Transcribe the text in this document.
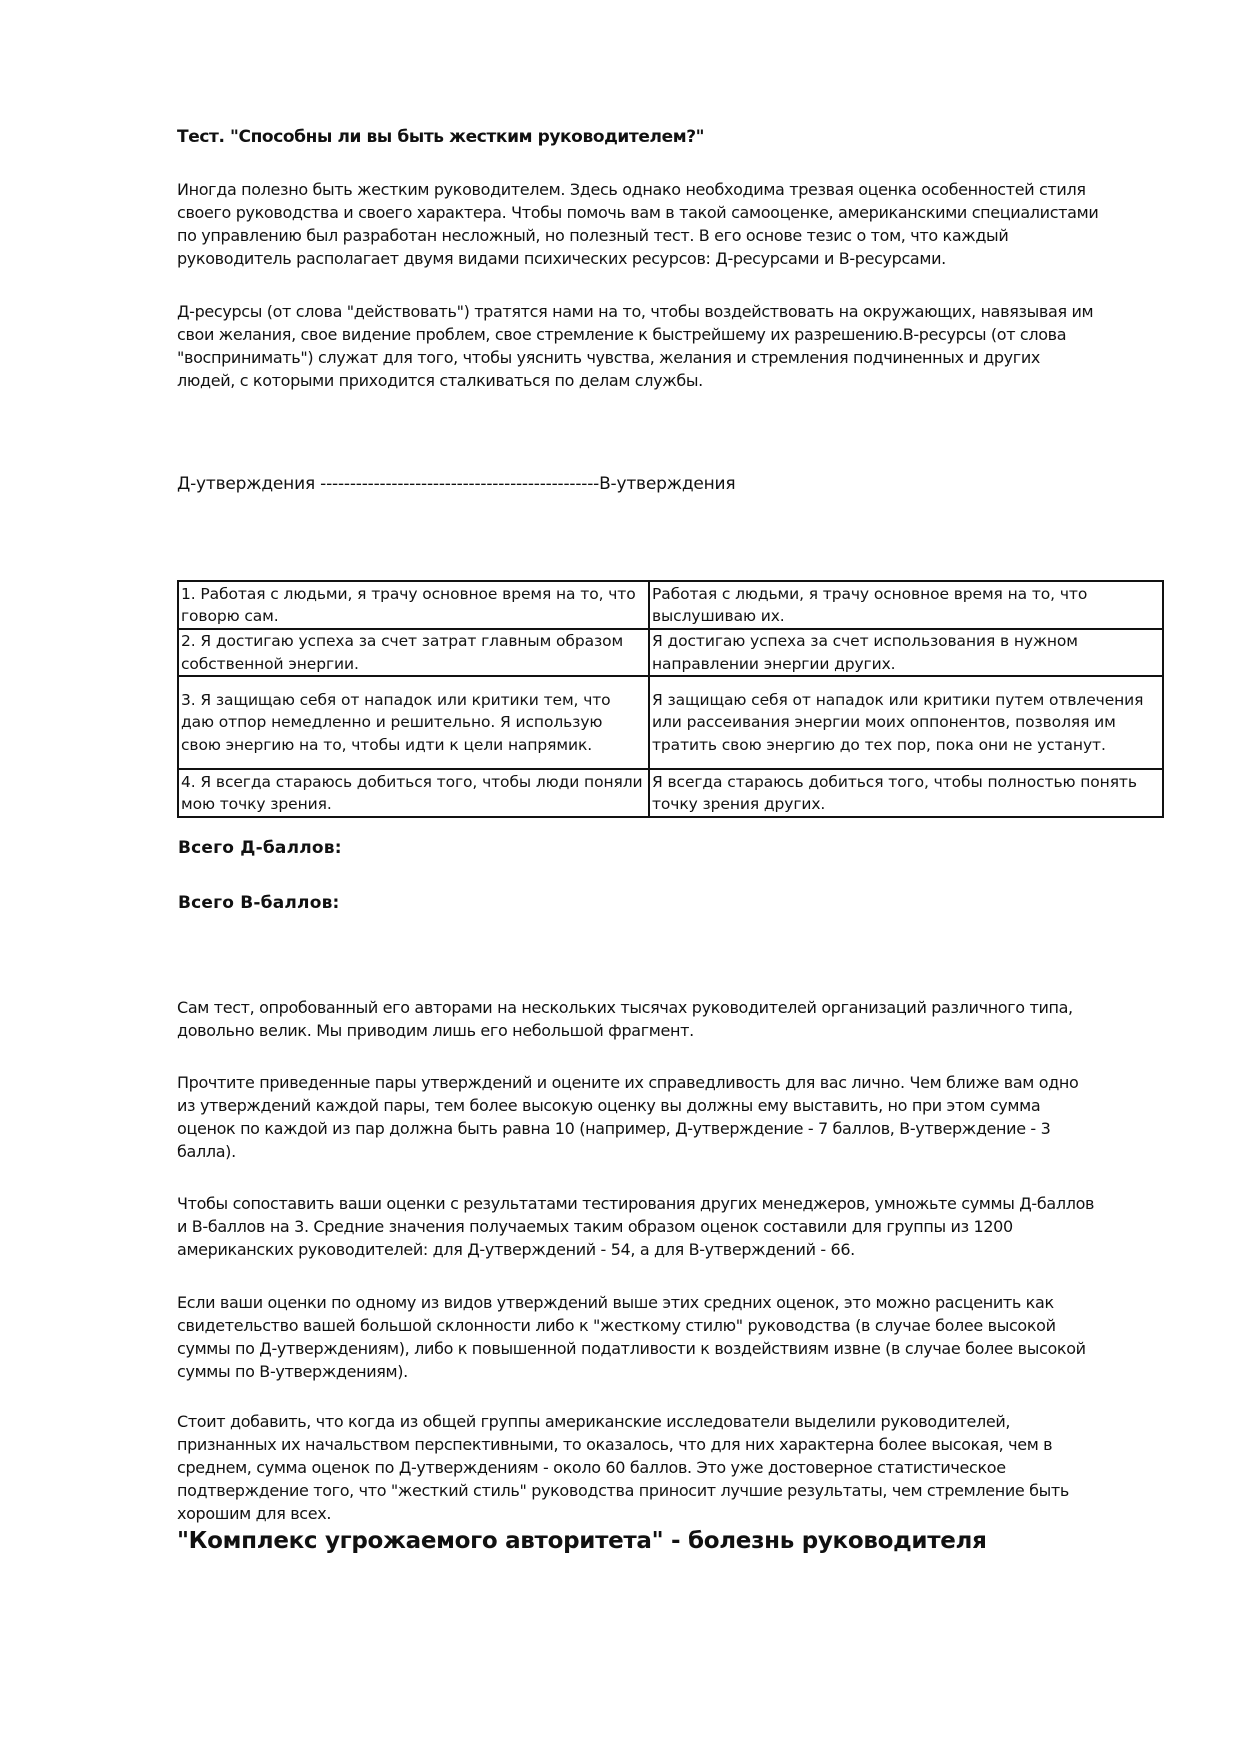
Тест. "Способны ли вы быть жестким руководителем?"

Иногда полезно быть жестким руководителем. Здесь однако необходима трезвая оценка особенностей стиля
своего руководства и своего характера. Чтобы помочь вам в такой самооценке, американскими специалистами
по управлению был разработан несложный, но полезный тест. В его основе тезис о том, что каждый
руководитель располагает двумя видами психических ресурсов: Д-ресурсами и В-ресурсами.

Д-ресурсы (от слова "действовать") тратятся нами на то, чтобы воздействовать на окружающих, навязывая им
свои желания, свое видение проблем, свое стремление к быстрейшему их разрешению.В-ресурсы (от слова
"воспринимать") служат для того, чтобы уяснить чувства, желания и стремления подчиненных и других
людей, с которыми приходится сталкиваться по делам службы.

Д-утверждения -----------------------------------------------В-утверждения
1. Работая с людьми, я трачу основное время на то, что говорю сам.	Работая с людьми, я трачу основное время на то, что выслушиваю их.
2. Я достигаю успеха за счет затрат главным образом собственной энергии.	Я достигаю успеха за счет использования в нужном направлении энергии других.
3. Я защищаю себя от нападок или критики тем, что даю отпор немедленно и решительно. Я использую свою энергию на то, чтобы идти к цели напрямик.	Я защищаю себя от нападок или критики путем отвлечения или рассеивания энергии моих оппонентов, позволяя им тратить свою энергию до тех пор, пока они не устанут.
4. Я всегда стараюсь добиться того, чтобы люди поняли мою точку зрения.	Я всегда стараюсь добиться того, чтобы полностью понять точку зрения других.
Всего Д-баллов:
Всего В-баллов:

Сам тест, опробованный его авторами на нескольких тысячах руководителей организаций различного типа,
довольно велик. Мы приводим лишь его небольшой фрагмент.

Прочтите приведенные пары утверждений и оцените их справедливость для вас лично. Чем ближе вам одно
из утверждений каждой пары, тем более высокую оценку вы должны ему выставить, но при этом сумма
оценок по каждой из пар должна быть равна 10 (например, Д-утверждение - 7 баллов, В-утверждение - 3
балла).

Чтобы сопоставить ваши оценки с результатами тестирования других менеджеров, умножьте суммы Д-баллов
и В-баллов на 3. Средние значения получаемых таким образом оценок составили для группы из 1200
американских руководителей: для Д-утверждений - 54, а для В-утверждений - 66.

Если ваши оценки по одному из видов утверждений выше этих средних оценок, это можно расценить как
свидетельство вашей большой склонности либо к "жесткому стилю" руководства (в случае более высокой
суммы по Д-утверждениям), либо к повышенной податливости к воздействиям извне (в случае более высокой
суммы по В-утверждениям).

Стоит добавить, что когда из общей группы американские исследователи выделили руководителей,
признанных их начальством перспективными, то оказалось, что для них характерна более высокая, чем в
среднем, сумма оценок по Д-утверждениям - около 60 баллов. Это уже достоверное статистическое
подтверждение того, что "жесткий стиль" руководства приносит лучшие результаты, чем стремление быть
хорошим для всех.

"Комплекс угрожаемого авторитета" - болезнь руководителя
